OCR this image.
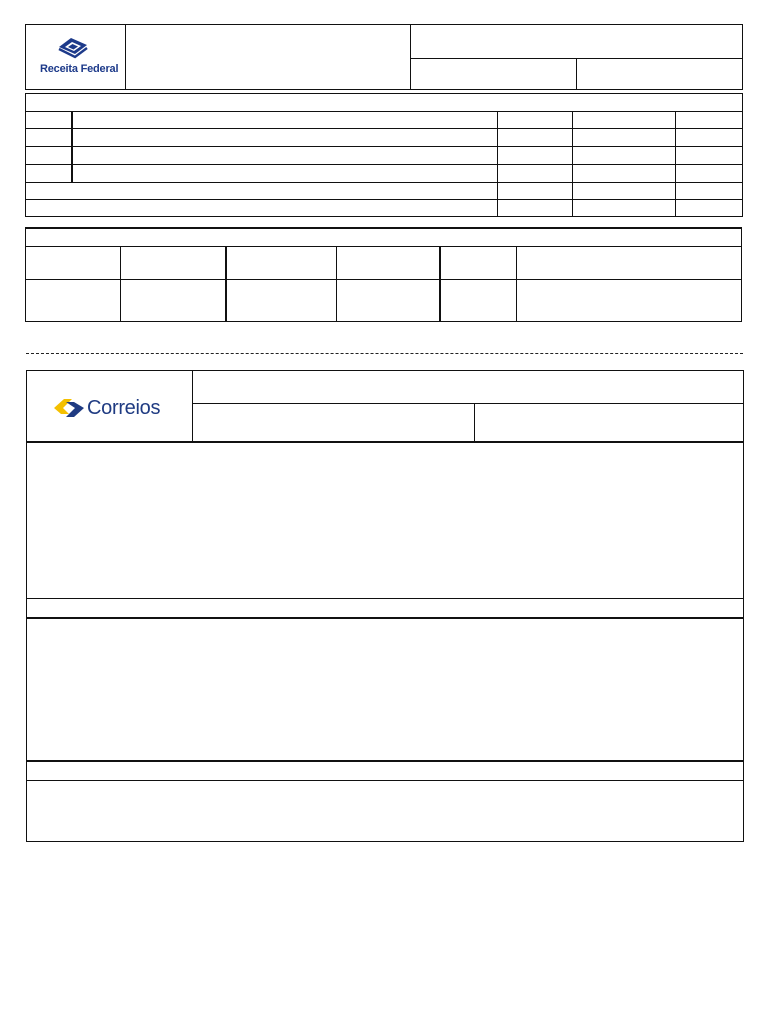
Receita Federal
Correios
